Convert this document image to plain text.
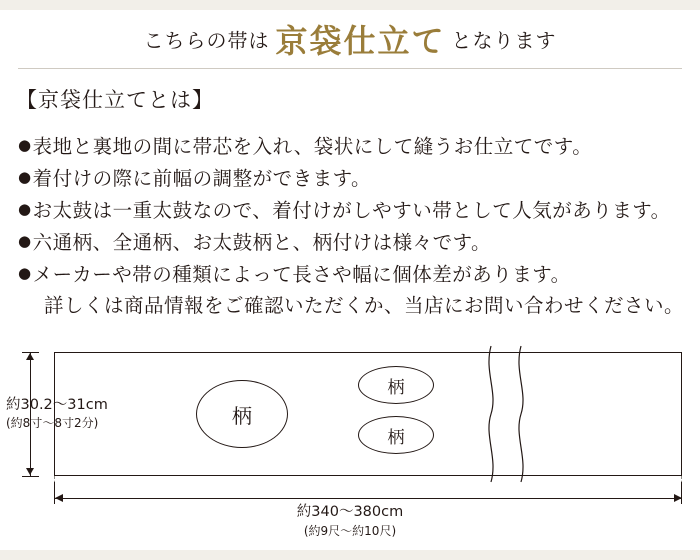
こちらの帯は 京袋仕立て となります
【京袋仕立てとは】
●表地と裏地の間に帯芯を入れ、袋状にして縫うお仕立てです。
●着付けの際に前幅の調整ができます。
●お太鼓は一重太鼓なので、着付けがしやすい帯として人気があります。
●六通柄、全通柄、お太鼓柄と、柄付けは様々です。
●メーカーや帯の種類によって長さや幅に個体差があります。
詳しくは商品情報をご確認いただくか、当店にお問い合わせください。
柄
柄
柄
約30.2〜31cm
(約8寸〜8寸2分)
約340〜380cm
(約9尺〜約10尺)
